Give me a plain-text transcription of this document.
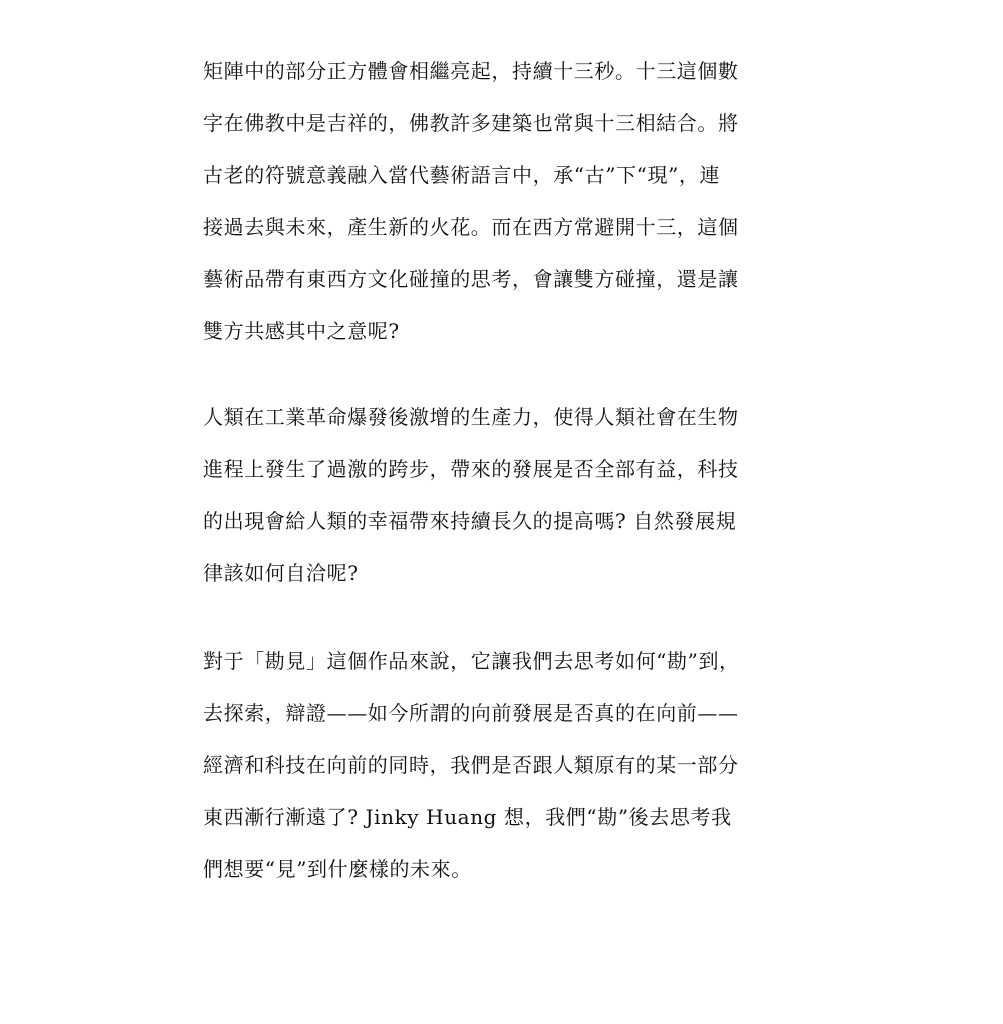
矩陣中的部分正方體會相繼亮起，持續十三秒。十三這個數
字在佛教中是吉祥的，佛教許多建築也常與十三相結合。將
古老的符號意義融入當代藝術語言中，承“古”下“現”，連
接過去與未來，產生新的火花。而在西方常避開十三，這個
藝術品帶有東西方文化碰撞的思考，會讓雙方碰撞，還是讓
雙方共感其中之意呢?
人類在工業革命爆發後激增的生產力，使得人類社會在生物
進程上發生了過激的跨步，帶來的發展是否全部有益，科技
的出現會給人類的幸福帶來持續長久的提高嗎? 自然發展規
律該如何自洽呢?
對于「勘見」這個作品來說，它讓我們去思考如何“勘”到，
去探索，辯證——如今所謂的向前發展是否真的在向前——
經濟和科技在向前的同時，我們是否跟人類原有的某一部分
東西漸行漸遠了? Jinky Huang 想，我們“勘”後去思考我
們想要“見”到什麼樣的未來。
